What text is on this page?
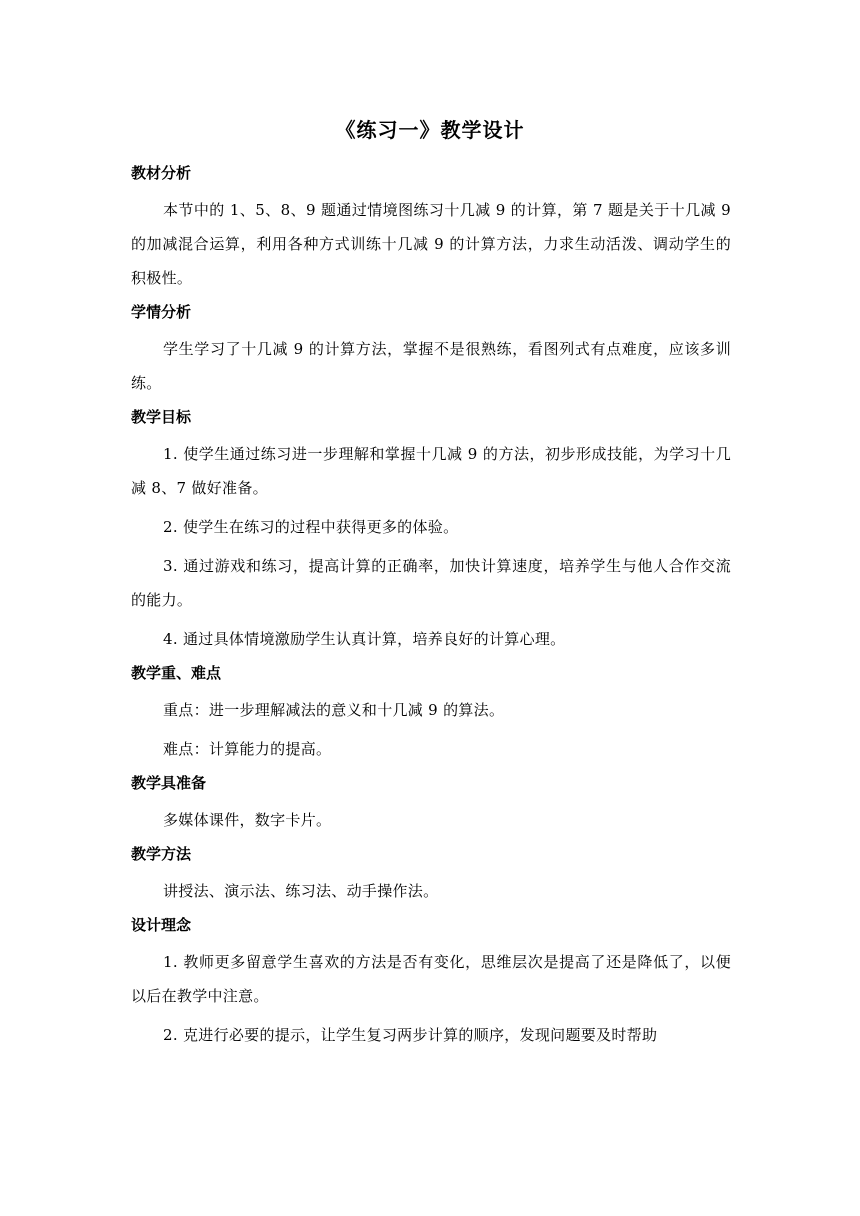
《练习一》教学设计
教材分析

本节中的 1、5、8、9 题通过情境图练习十几减 9 的计算，第 7 题是关于十几减 9 的加减混合运算，利用各种方式训练十几减 9 的计算方法，力求生动活泼、调动学生的积极性。

学情分析

学生学习了十几减 9 的计算方法，掌握不是很熟练，看图列式有点难度，应该多训练。

教学目标

1. 使学生通过练习进一步理解和掌握十几减 9 的方法，初步形成技能，为学习十几减 8、7 做好准备。

2. 使学生在练习的过程中获得更多的体验。

3. 通过游戏和练习，提高计算的正确率，加快计算速度，培养学生与他人合作交流的能力。

4. 通过具体情境激励学生认真计算，培养良好的计算心理。

教学重、难点

重点：进一步理解减法的意义和十几减 9 的算法。

难点：计算能力的提高。

教学具准备

多媒体课件，数字卡片。

教学方法

讲授法、演示法、练习法、动手操作法。

设计理念

1. 教师更多留意学生喜欢的方法是否有变化，思维层次是提高了还是降低了，以便以后在教学中注意。

2. 克进行必要的提示，让学生复习两步计算的顺序，发现问题要及时帮助
